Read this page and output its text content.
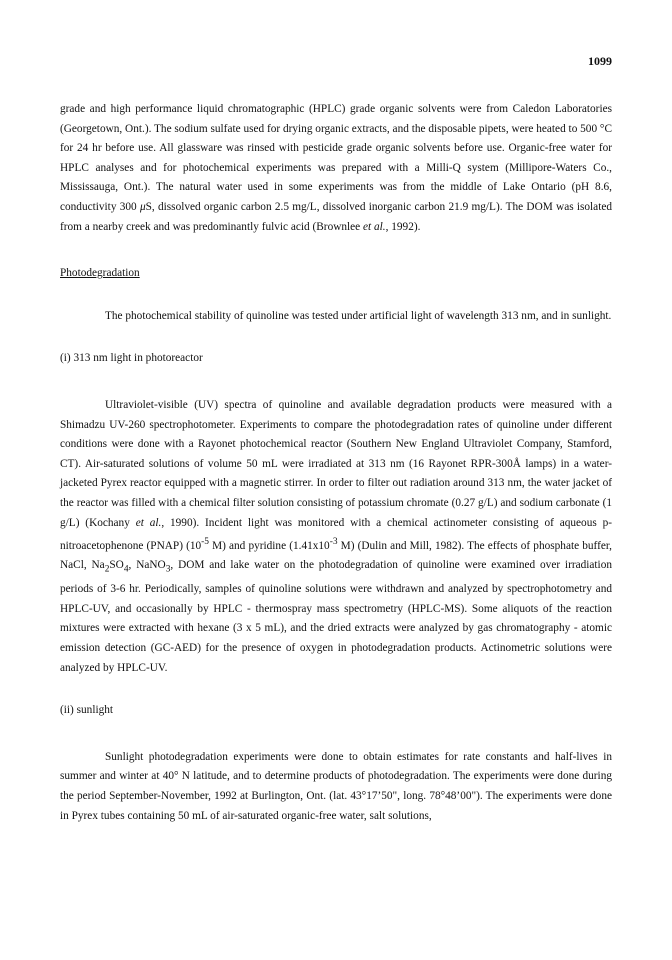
1099

grade and high performance liquid chromatographic (HPLC) grade organic solvents were from Caledon Laboratories (Georgetown, Ont.). The sodium sulfate used for drying organic extracts, and the disposable pipets, were heated to 500 °C for 24 hr before use. All glassware was rinsed with pesticide grade organic solvents before use. Organic-free water for HPLC analyses and for photochemical experiments was prepared with a Milli-Q system (Millipore-Waters Co., Mississauga, Ont.). The natural water used in some experiments was from the middle of Lake Ontario (pH 8.6, conductivity 300 μS, dissolved organic carbon 2.5 mg/L, dissolved inorganic carbon 21.9 mg/L). The DOM was isolated from a nearby creek and was predominantly fulvic acid (Brownlee et al., 1992).

Photodegradation

The photochemical stability of quinoline was tested under artificial light of wavelength 313 nm, and in sunlight.

(i) 313 nm light in photoreactor

Ultraviolet-visible (UV) spectra of quinoline and available degradation products were measured with a Shimadzu UV-260 spectrophotometer. Experiments to compare the photodegradation rates of quinoline under different conditions were done with a Rayonet photochemical reactor (Southern New England Ultraviolet Company, Stamford, CT). Air-saturated solutions of volume 50 mL were irradiated at 313 nm (16 Rayonet RPR-300Å lamps) in a water-jacketed Pyrex reactor equipped with a magnetic stirrer. In order to filter out radiation around 313 nm, the water jacket of the reactor was filled with a chemical filter solution consisting of potassium chromate (0.27 g/L) and sodium carbonate (1 g/L) (Kochany et al., 1990). Incident light was monitored with a chemical actinometer consisting of aqueous p-nitroacetophenone (PNAP) ($10^{-5}$ M) and pyridine ($1.41x10^{-3}$ M) (Dulin and Mill, 1982). The effects of phosphate buffer, NaCl, $Na_2SO_4$, NaNO$_3$, DOM and lake water on the photodegradation of quinoline were examined over irradiation periods of 3-6 hr. Periodically, samples of quinoline solutions were withdrawn and analyzed by spectrophotometry and HPLC-UV, and occasionally by HPLC - thermospray mass spectrometry (HPLC-MS). Some aliquots of the reaction mixtures were extracted with hexane (3 x 5 mL), and the dried extracts were analyzed by gas chromatography - atomic emission detection (GC-AED) for the presence of oxygen in photodegradation products. Actinometric solutions were analyzed by HPLC-UV.

(ii) sunlight

Sunlight photodegradation experiments were done to obtain estimates for rate constants and half-lives in summer and winter at 40° N latitude, and to determine products of photodegradation. The experiments were done during the period September-November, 1992 at Burlington, Ont. (lat. 43°17’50", long. 78°48’00"). The experiments were done in Pyrex tubes containing 50 mL of air-saturated organic-free water, salt solutions,
